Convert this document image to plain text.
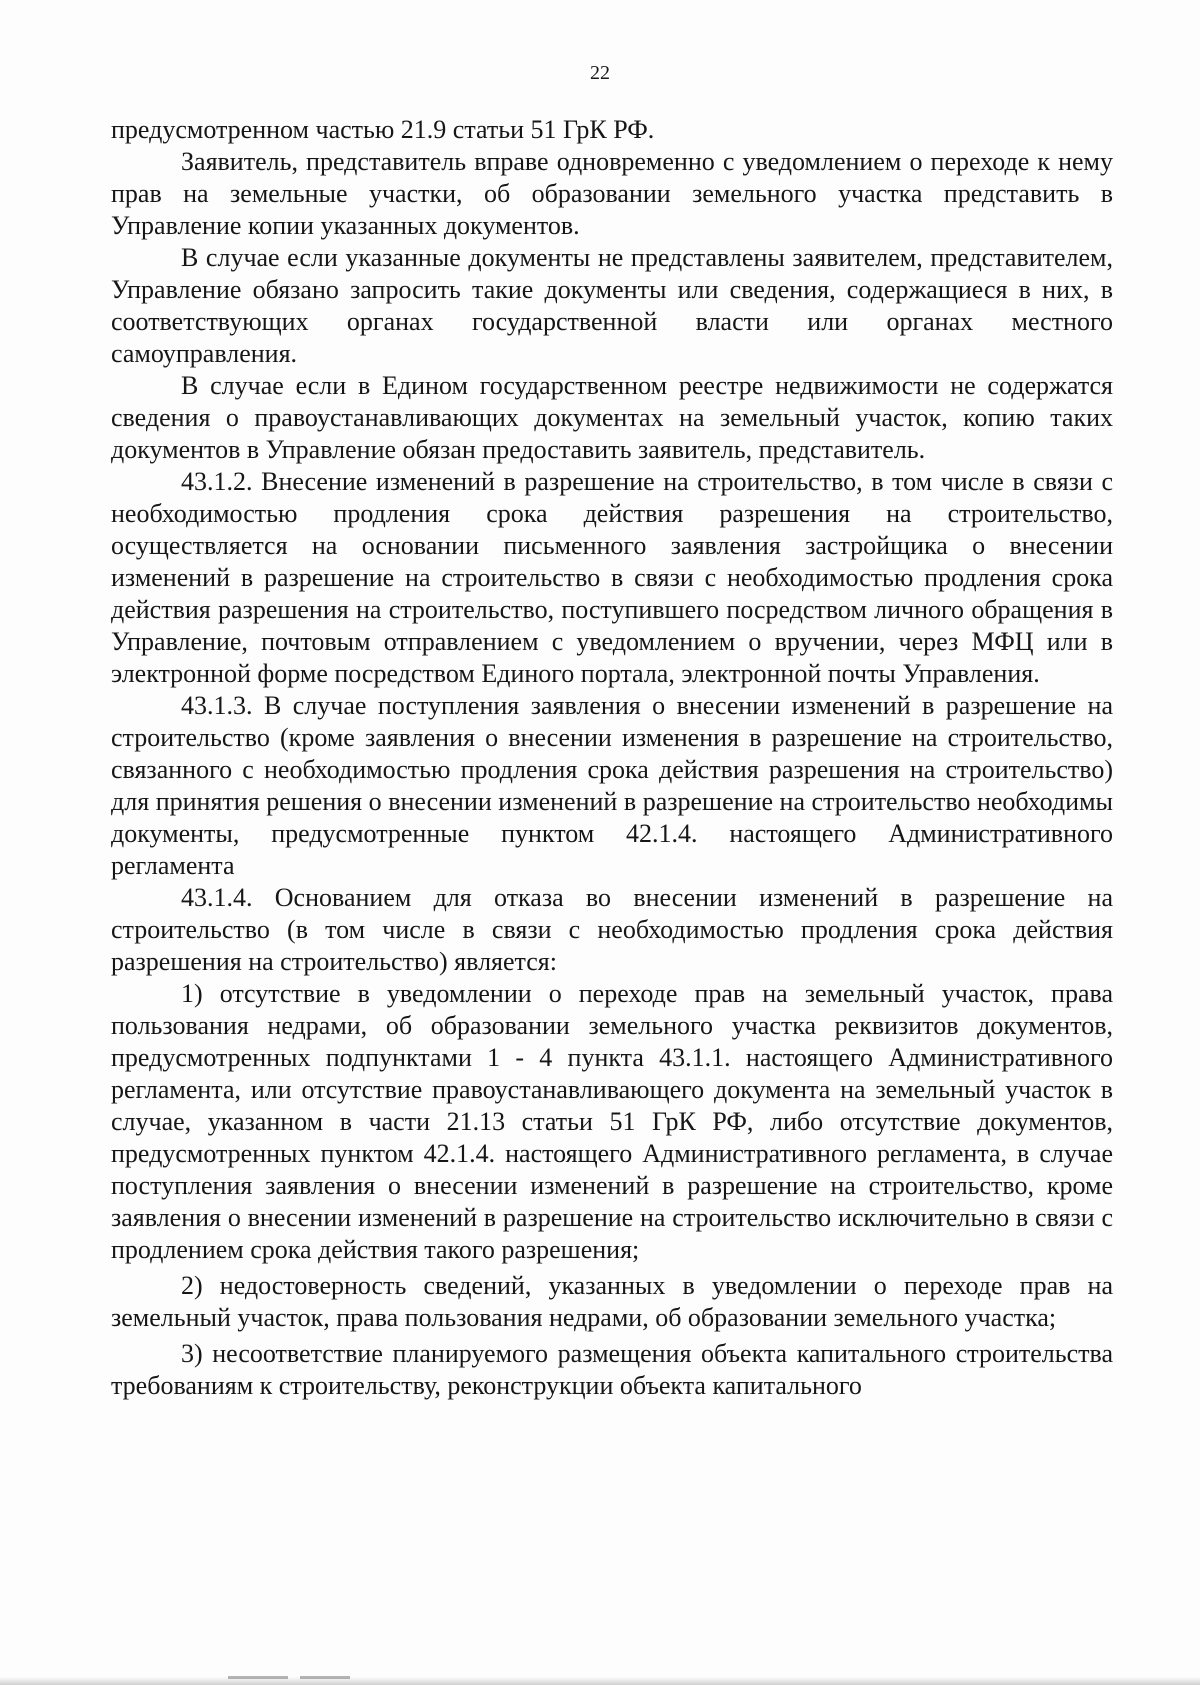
22

предусмотренном частью 21.9 статьи 51 ГрК РФ.

Заявитель, представитель вправе одновременно с уведомлением о переходе к нему прав на земельные участки, об образовании земельного участка представить в Управление копии указанных документов.

В случае если указанные документы не представлены заявителем, представителем, Управление обязано запросить такие документы или сведения, содержащиеся в них, в соответствующих органах государственной власти или органах местного самоуправления.

В случае если в Едином государственном реестре недвижимости не содержатся сведения о правоустанавливающих документах на земельный участок, копию таких документов в Управление обязан предоставить заявитель, представитель.

43.1.2. Внесение изменений в разрешение на строительство, в том числе в связи с необходимостью продления срока действия разрешения на строительство, осуществляется на основании письменного заявления застройщика о внесении изменений в разрешение на строительство в связи с необходимостью продления срока действия разрешения на строительство, поступившего посредством личного обращения в Управление, почтовым отправлением с уведомлением о вручении, через МФЦ или в электронной форме посредством Единого портала, электронной почты Управления.

43.1.3. В случае поступления заявления о внесении изменений в разрешение на строительство (кроме заявления о внесении изменения в разрешение на строительство, связанного с необходимостью продления срока действия разрешения на строительство) для принятия решения о внесении изменений в разрешение на строительство необходимы документы, предусмотренные пунктом 42.1.4. настоящего Административного регламента

43.1.4. Основанием для отказа во внесении изменений в разрешение на строительство (в том числе в связи с необходимостью продления срока действия разрешения на строительство) является:

1) отсутствие в уведомлении о переходе прав на земельный участок, права пользования недрами, об образовании земельного участка реквизитов документов, предусмотренных подпунктами 1 - 4 пункта 43.1.1. настоящего Административного регламента, или отсутствие правоустанавливающего документа на земельный участок в случае, указанном в части 21.13 статьи 51 ГрК РФ, либо отсутствие документов, предусмотренных пунктом 42.1.4. настоящего Административного регламента, в случае поступления заявления о внесении изменений в разрешение на строительство, кроме заявления о внесении изменений в разрешение на строительство исключительно в связи с продлением срока действия такого разрешения;

2) недостоверность сведений, указанных в уведомлении о переходе прав на земельный участок, права пользования недрами, об образовании земельного участка;

3) несоответствие планируемого размещения объекта капитального строительства требованиям к строительству, реконструкции объекта капитального
